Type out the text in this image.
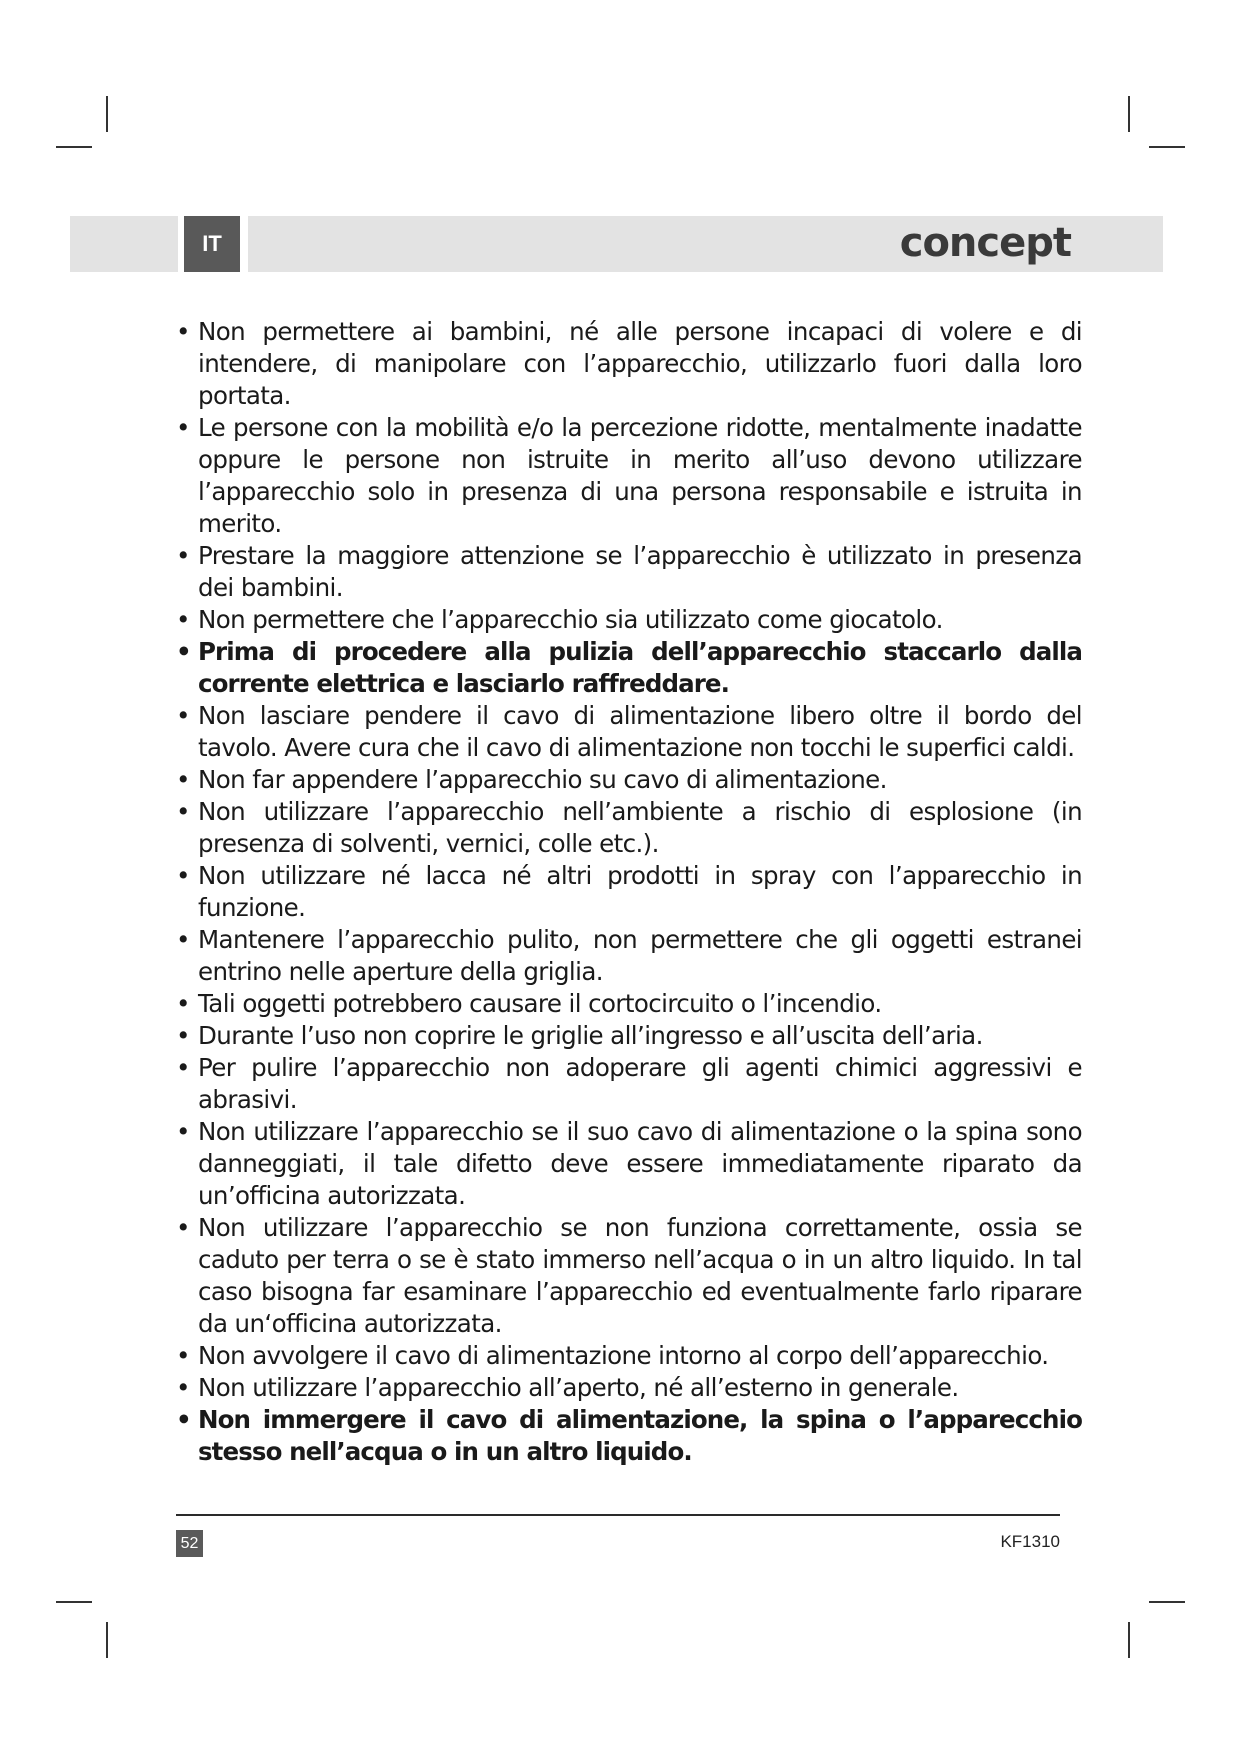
IT	concept

• Non permettere ai bambini, né alle persone incapaci di volere e di intendere, di manipolare con l’apparecchio, utilizzarlo fuori dalla loro portata.

• Le persone con la mobilità e/o la percezione ridotte, mentalmente inadatte oppure le persone non istruite in merito all’uso devono utilizzare l’apparecchio solo in presenza di una persona responsabile e istruita in merito.

• Prestare la maggiore attenzione se l’apparecchio è utilizzato in presenza dei bambini.

• Non permettere che l’apparecchio sia utilizzato come giocatolo.

• Prima di procedere alla pulizia dell’apparecchio staccarlo dalla corrente elettrica e lasciarlo raffreddare.

• Non lasciare pendere il cavo di alimentazione libero oltre il bordo del tavolo. Avere cura che il cavo di alimentazione non tocchi le superfici caldi.

• Non far appendere l’apparecchio su cavo di alimentazione.

• Non utilizzare l’apparecchio nell’ambiente a rischio di esplosione (in presenza di solventi, vernici, colle etc.).

• Non utilizzare né lacca né altri prodotti in spray con l’apparecchio in funzione.

• Mantenere l’apparecchio pulito, non permettere che gli oggetti estranei entrino nelle aperture della griglia.

• Tali oggetti potrebbero causare il cortocircuito o l’incendio.

• Durante l’uso non coprire le griglie all’ingresso e all’uscita dell’aria.

• Per pulire l’apparecchio non adoperare gli agenti chimici aggressivi e abrasivi.

• Non utilizzare l’apparecchio se il suo cavo di alimentazione o la spina sono danneggiati, il tale difetto deve essere immediatamente riparato da un’officina autorizzata.

• Non utilizzare l’apparecchio se non funziona correttamente, ossia se caduto per terra o se è stato immerso nell’acqua o in un altro liquido. In tal caso bisogna far esaminare l’apparecchio ed eventualmente farlo riparare da un‘officina autorizzata.

• Non avvolgere il cavo di alimentazione intorno al corpo dell’apparecchio.

• Non utilizzare l’apparecchio all’aperto, né all’esterno in generale.

• Non immergere il cavo di alimentazione, la spina o l’apparecchio stesso nell’acqua o in un altro liquido.

52	KF1310
